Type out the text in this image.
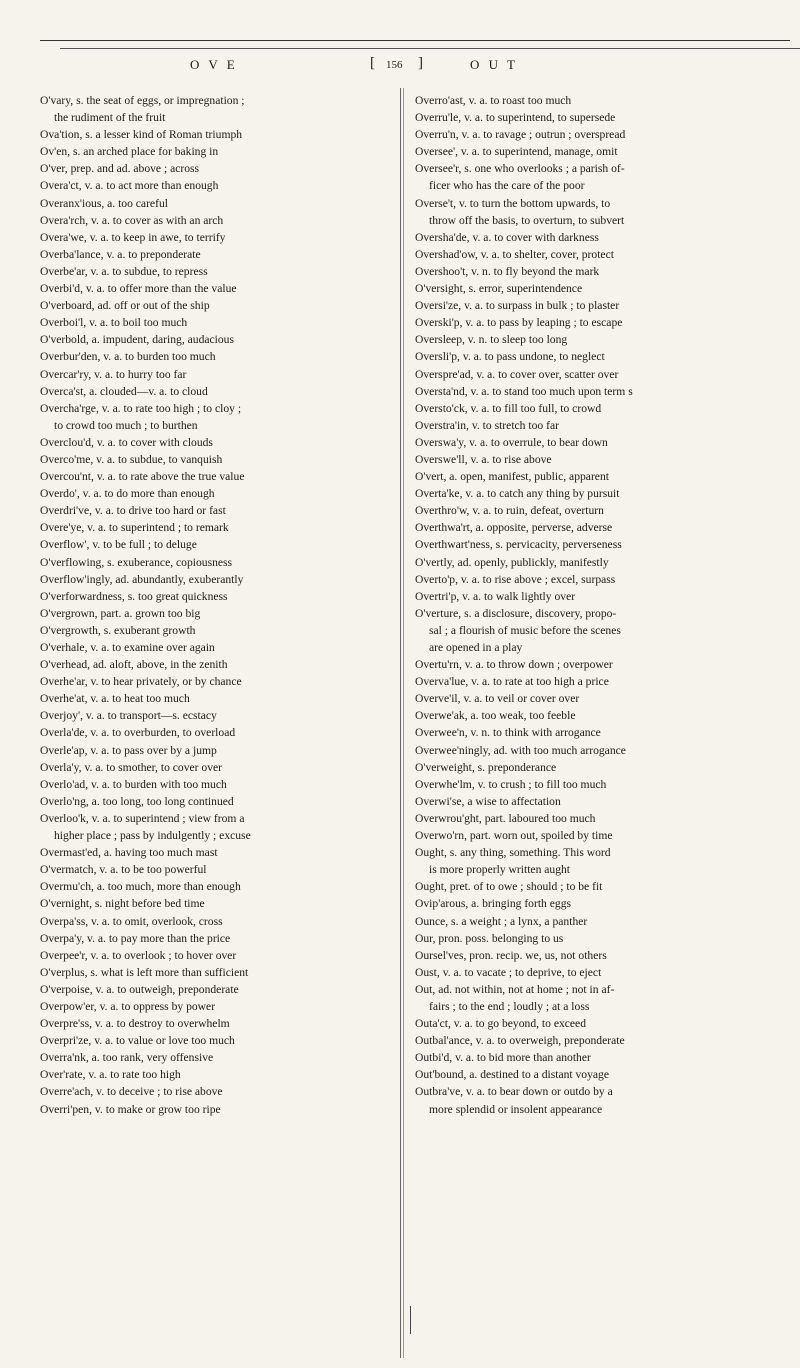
O V E	[ 156 ]	O U T
O'vary, s. the seat of eggs, or impregnation ;
the rudiment of the fruit
Ova'tion, s. a lesser kind of Roman triumph
Ov'en, s. an arched place for baking in
O'ver, prep. and ad. above ; across
Overa'ct, v. a. to act more than enough
Overanx'ious, a. too careful
Overa'rch, v. a. to cover as with an arch
Overa'we, v. a. to keep in awe, to terrify
Overba'lance, v. a. to preponderate
Overbe'ar, v. a. to subdue, to repress
Overbi'd, v. a. to offer more than the value
O'verboard, ad. off or out of the ship
Overboi'l, v. a. to boil too much
O'verbold, a. impudent, daring, audacious
Overbur'den, v. a. to burden too much
Overcar'ry, v. a. to hurry too far
Overca'st, a. clouded—v. a. to cloud
Overcha'rge, v. a. to rate too high ; to cloy ;
to crowd too much ; to burthen
Overclou'd, v. a. to cover with clouds
Overco'me, v. a. to subdue, to vanquish
Overcou'nt, v. a. to rate above the true value
Overdo', v. a. to do more than enough
Overdri've, v. a. to drive too hard or fast
Overe'ye, v. a. to superintend ; to remark
Overflow', v. to be full ; to deluge
O'verflowing, s. exuberance, copiousness
Overflow'ingly, ad. abundantly, exuberantly
O'verforwardness, s. too great quickness
O'vergrown, part. a. grown too big
O'vergrowth, s. exuberant growth
O'verhale, v. a. to examine over again
O'verhead, ad. aloft, above, in the zenith
Overhe'ar, v. to hear privately, or by chance
Overhe'at, v. a. to heat too much
Overjoy', v. a. to transport—s. ecstacy
Overla'de, v. a. to overburden, to overload
Overle'ap, v. a. to pass over by a jump
Overla'y, v. a. to smother, to cover over
Overlo'ad, v. a. to burden with too much
Overlo'ng, a. too long, too long continued
Overloo'k, v. a. to superintend ; view from a
higher place ; pass by indulgently ; excuse
Overmast'ed, a. having too much mast
O'vermatch, v. a. to be too powerful
Overmu'ch, a. too much, more than enough
O'vernight, s. night before bed time
Overpa'ss, v. a. to omit, overlook, cross
Overpa'y, v. a. to pay more than the price
Overpee'r, v. a. to overlook ; to hover over
O'verplus, s. what is left more than sufficient
O'verpoise, v. a. to outweigh, preponderate
Overpow'er, v. a. to oppress by power
Overpre'ss, v. a. to destroy to overwhelm
Overpri'ze, v. a. to value or love too much
Overra'nk, a. too rank, very offensive
Over'rate, v. a. to rate too high
Overre'ach, v. to deceive ; to rise above
Overri'pen, v. to make or grow too ripe
Overro'ast, v. a. to roast too much
Overru'le, v. a. to superintend, to supersede
Overru'n, v. a. to ravage ; outrun ; overspread
Oversee', v. a. to superintend, manage, omit
Oversee'r, s. one who overlooks ; a parish of-
ficer who has the care of the poor
Overse't, v. to turn the bottom upwards, to
throw off the basis, to overturn, to subvert
Oversha'de, v. a. to cover with darkness
Overshad'ow, v. a. to shelter, cover, protect
Overshoo't, v. n. to fly beyond the mark
O'versight, s. error, superintendence
Oversi'ze, v. a. to surpass in bulk ; to plaster
Overski'p, v. a. to pass by leaping ; to escape
Oversleep, v. n. to sleep too long
Oversli'p, v. a. to pass undone, to neglect
Overspre'ad, v. a. to cover over, scatter over
Oversta'nd, v. a. to stand too much upon term s
Oversto'ck, v. a. to fill too full, to crowd
Overstra'in, v. to stretch too far
Overswa'y, v. a. to overrule, to bear down
Overswe'll, v. a. to rise above
O'vert, a. open, manifest, public, apparent
Overta'ke, v. a. to catch any thing by pursuit
Overthro'w, v. a. to ruin, defeat, overturn
Overthwa'rt, a. opposite, perverse, adverse
Overthwart'ness, s. pervicacity, perverseness
O'vertly, ad. openly, publickly, manifestly
Overto'p, v. a. to rise above ; excel, surpass
Overtri'p, v. a. to walk lightly over
O'verture, s. a disclosure, discovery, propo-
sal ; a flourish of music before the scenes
are opened in a play
Overtu'rn, v. a. to throw down ; overpower
Overva'lue, v. a. to rate at too high a price
Overve'il, v. a. to veil or cover over
Overwe'ak, a. too weak, too feeble
Overwee'n, v. n. to think with arrogance
Overwee'ningly, ad. with too much arrogance
O'verweight, s. preponderance
Overwhe'lm, v. to crush ; to fill too much
Overwi'se, a wise to affectation
Overwrou'ght, part. laboured too much
Overwo'rn, part. worn out, spoiled by time
Ought, s. any thing, something. This word
is more properly written aught
Ought, pret. of to owe ; should ; to be fit
Ovip'arous, a. bringing forth eggs
Ounce, s. a weight ; a lynx, a panther
Our, pron. poss. belonging to us
Oursel'ves, pron. recip. we, us, not others
Oust, v. a. to vacate ; to deprive, to eject
Out, ad. not within, not at home ; not in af-
fairs ; to the end ; loudly ; at a loss
Outa'ct, v. a. to go beyond, to exceed
Outbal'ance, v. a. to overweigh, preponderate
Outbi'd, v. a. to bid more than another
Out'bound, a. destined to a distant voyage
Outbra've, v. a. to bear down or outdo by a
more splendid or insolent appearance
